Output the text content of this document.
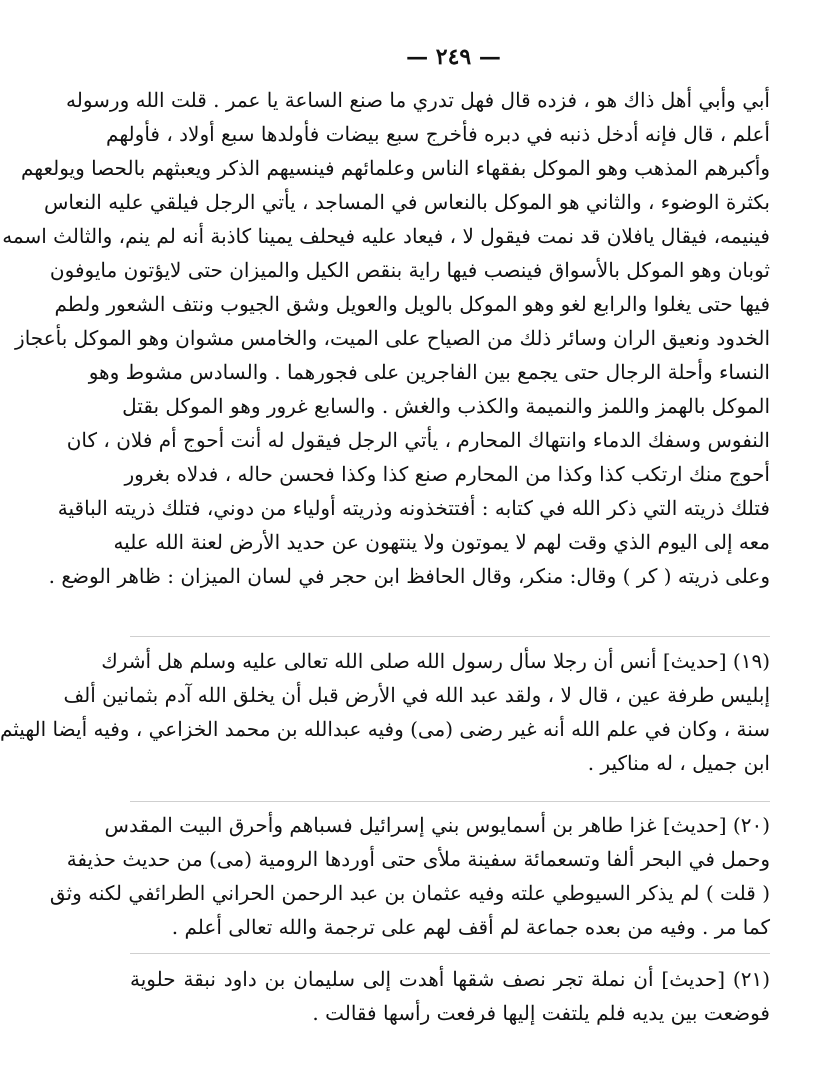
— ٢٤٩ —
أبي وأبي أهل ذاك هو ، فزده قال فهل تدري ما صنع الساعة يا عمر . قلت الله ورسوله
أعلم ، قال فإنه أدخل ذنبه في دبره فأخرج سبع بيضات فأولدها سبع أولاد ، فأولهم
وأكبرهم المذهب وهو الموكل بفقهاء الناس وعلمائهم فينسيهم الذكر ويعبثهم بالحصا ويولعهم
بكثرة الوضوء ، والثاني هو الموكل بالنعاس في المساجد ، يأتي الرجل فيلقي عليه النعاس
فينيمه، فيقال يافلان قد نمت فيقول لا ، فيعاد عليه فيحلف يمينا كاذبة أنه لم ينم، والثالث اسمه
ثوبان وهو الموكل بالأسواق فينصب فيها راية بنقص الكيل والميزان حتى لايؤتون مايوفون
فيها حتى يغلوا والرابع لغو وهو الموكل بالويل والعويل وشق الجيوب ونتف الشعور ولطم
الخدود ونعيق الران وسائر ذلك من الصياح على الميت، والخامس مشوان وهو الموكل بأعجاز
النساء وأحلة الرجال حتى يجمع بين الفاجرين على فجورهما . والسادس مشوط وهو
الموكل بالهمز واللمز والنميمة والكذب والغش . والسابع غرور وهو الموكل بقتل
النفوس وسفك الدماء وانتهاك المحارم ، يأتي الرجل فيقول له أنت أحوج أم فلان ، كان
أحوج منك ارتكب كذا وكذا من المحارم صنع كذا وكذا فحسن حاله ، فدلاه بغرور
فتلك ذريته التي ذكر الله في كتابه : أفتتخذونه وذريته أولياء من دوني، فتلك ذريته الباقية
معه إلى اليوم الذي وقت لهم لا يموتون ولا ينتهون عن حديد الأرض لعنة الله عليه
وعلى ذريته ( كر ) وقال: منكر، وقال الحافظ ابن حجر في لسان الميزان : ظاهر الوضع .
(١٩) [حديث] أنس أن رجلا سأل رسول الله صلى الله تعالى عليه وسلم هل أشرك
إبليس طرفة عين ، قال لا ، ولقد عبد الله في الأرض قبل أن يخلق الله آدم بثمانين ألف
سنة ، وكان في علم الله أنه غير رضى (مى) وفيه عبدالله بن محمد الخزاعي ، وفيه أيضا الهيثم
ابن جميل ، له مناكير .
(٢٠) [حديث] غزا طاهر بن أسمايوس بني إسرائيل فسباهم وأحرق البيت المقدس
وحمل في البحر ألفا وتسعمائة سفينة ملأى حتى أوردها الرومية (مى) من حديث حذيفة
( قلت ) لم يذكر السيوطي علته وفيه عثمان بن عبد الرحمن الحراني الطرائفي لكنه وثق
كما مر . وفيه من بعده جماعة لم أقف لهم على ترجمة والله تعالى أعلم .
(٢١) [حديث] أن نملة تجر نصف شقها أهدت إلى سليمان بن داود نبقة حلوية
فوضعت بين يديه فلم يلتفت إليها فرفعت رأسها فقالت .
